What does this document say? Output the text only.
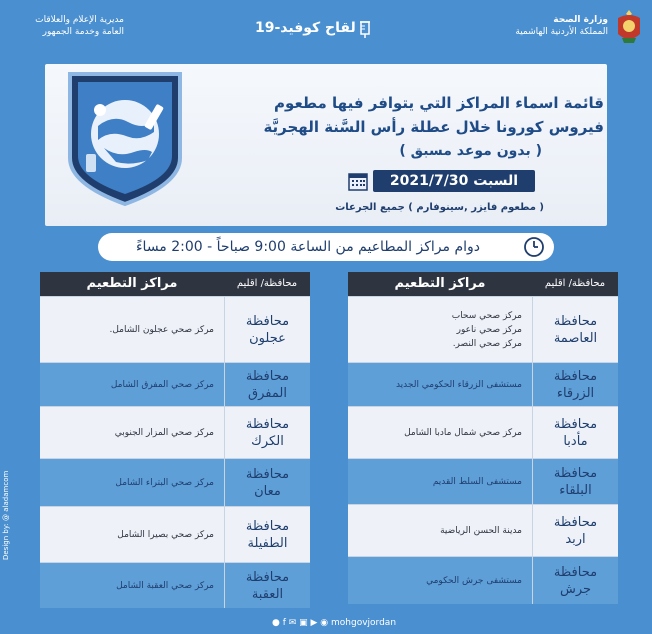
وزارة الصحة
المملكة الأردنية الهاشمية
لقاح كوفيد-19
مديرية الإعلام والعلاقات
العامة وخدمة الجمهور
قائمة اسماء المراكز التي يتوافر فيها مطعوم
فيروس كورونا خلال عطلة رأس السَّنة الهجريَّة
( بدون موعد مسبق )
السبت 2021/7/30
( مطعوم فايزر ,سينوفارم ) جميع الجرعات
دوام مراكز المطاعيم من الساعة 9:00 صباحاً - 2:00 مساءً
محافظة/ اقليم
مراكز التطعيم
محافظة
العاصمة
مركز صحي سحاب
مركز صحي ناعور
مركز صحي النصر.
محافظة
الزرقاء
مستشفى الزرقاء الحكومي الجديد
محافظة
مأدبا
مركز صحي شمال مادبا الشامل
محافظة
البلقاء
مستشفى السلط القديم
محافظة
اربد
مدينة الحسن الرياضية
محافظة
جرش
مستشفى جرش الحكومي
محافظة/ اقليم
مراكز التطعيم
محافظة
عجلون
مركز صحي عجلون الشامل.
محافظة
المفرق
مركز صحي المفرق الشامل
محافظة
الكرك
مركز صحي المزار الجنوبي
محافظة
معان
مركز صحي البتراء الشامل
محافظة
الطفيلة
مركز صحي بصيرا الشامل
محافظة
العقبة
مركز صحي العقبة الشامل
● f ✉ ▣ ▶ ◉ mohgovjordan
Design by: @ aladamcom
